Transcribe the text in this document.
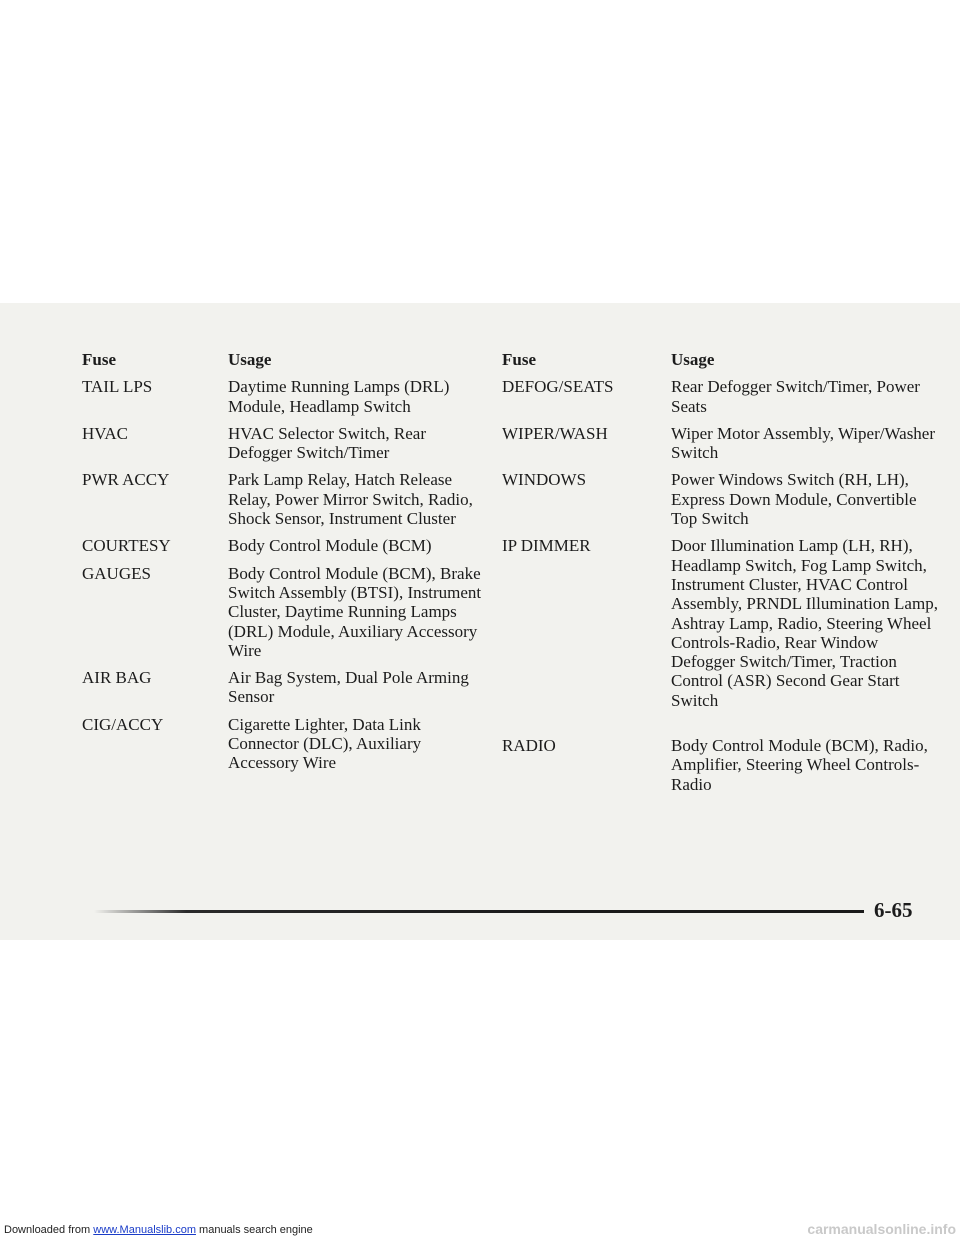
Fuse	Usage
TAIL LPS	Daytime Running Lamps (DRL) Module, Headlamp Switch
HVAC	HVAC Selector Switch, Rear Defogger Switch/Timer
PWR ACCY	Park Lamp Relay, Hatch Release Relay, Power Mirror Switch, Radio, Shock Sensor, Instrument Cluster
COURTESY	Body Control Module (BCM)
GAUGES	Body Control Module (BCM), Brake Switch Assembly (BTSI), Instrument Cluster, Daytime Running Lamps (DRL) Module, Auxiliary Accessory Wire
AIR BAG	Air Bag System, Dual Pole Arming Sensor
CIG/ACCY	Cigarette Lighter, Data Link Connector (DLC), Auxiliary Accessory Wire
Fuse	Usage
DEFOG/SEATS	Rear Defogger Switch/Timer, Power Seats
WIPER/WASH	Wiper Motor Assembly, Wiper/Washer Switch
WINDOWS	Power Windows Switch (RH, LH), Express Down Module, Convertible Top Switch
IP DIMMER	Door Illumination Lamp (LH, RH), Headlamp Switch, Fog Lamp Switch, Instrument Cluster, HVAC Control Assembly, PRNDL Illumination Lamp, Ashtray Lamp, Radio, Steering Wheel Controls-Radio, Rear Window Defogger Switch/Timer, Traction Control (ASR) Second Gear Start Switch
RADIO	Body Control Module (BCM), Radio, Amplifier, Steering Wheel Controls-Radio
6-65
Downloaded from www.Manualslib.com manuals search engine	carmanualsonline.info
